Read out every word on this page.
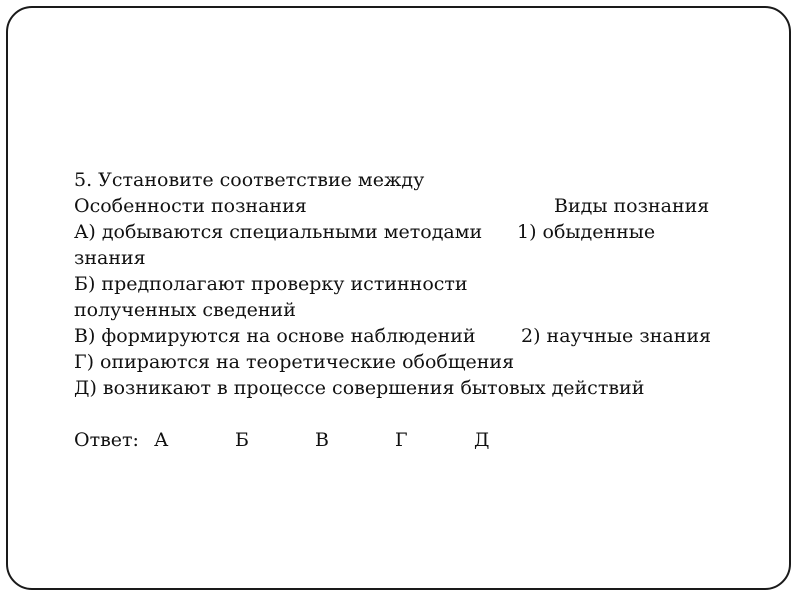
5. Установите соответствие между
Особенности познания	Виды познания
А) добываются специальными методами 1) обыденные
знания
Б) предполагают проверку истинности
полученных сведений
В) формируются на основе наблюдений 2) научные знания
Г) опираются на теоретические обобщения
Д) возникают в процессе совершения бытовых действий
Ответ: А	Б	В	Г	Д
